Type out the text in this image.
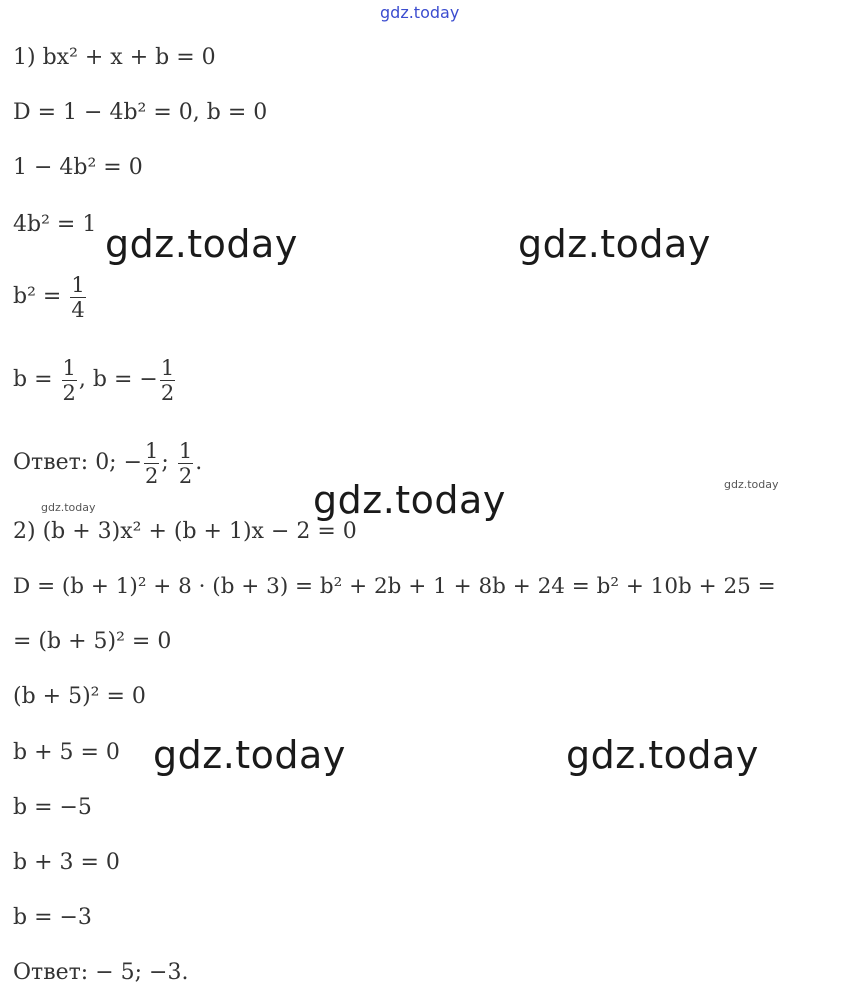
gdz.today
gdz.today	gdz.today
gdz.today
gdz.today	gdz.today
gdz.today
gdz.today
1) bx² + x + b = 0
D = 1 − 4b² = 0, b = 0
1 − 4b² = 0
4b² = 1
$b^2 = \frac{1}{4}$
$b = \frac{1}{2}$ , b = − $\frac{1}{2}$
Ответ: 0; − $\frac{1}{2}$ ; $\frac{1}{2}$ .
2) (b + 3)x² + (b + 1)x − 2 = 0
D = (b + 1)² + 8 · (b + 3) = b² + 2b + 1 + 8b + 24 = b² + 10b + 25 =
= (b + 5)² = 0
(b + 5)² = 0
b + 5 = 0
b = −5
b + 3 = 0
b = −3
Ответ: − 5; −3.
